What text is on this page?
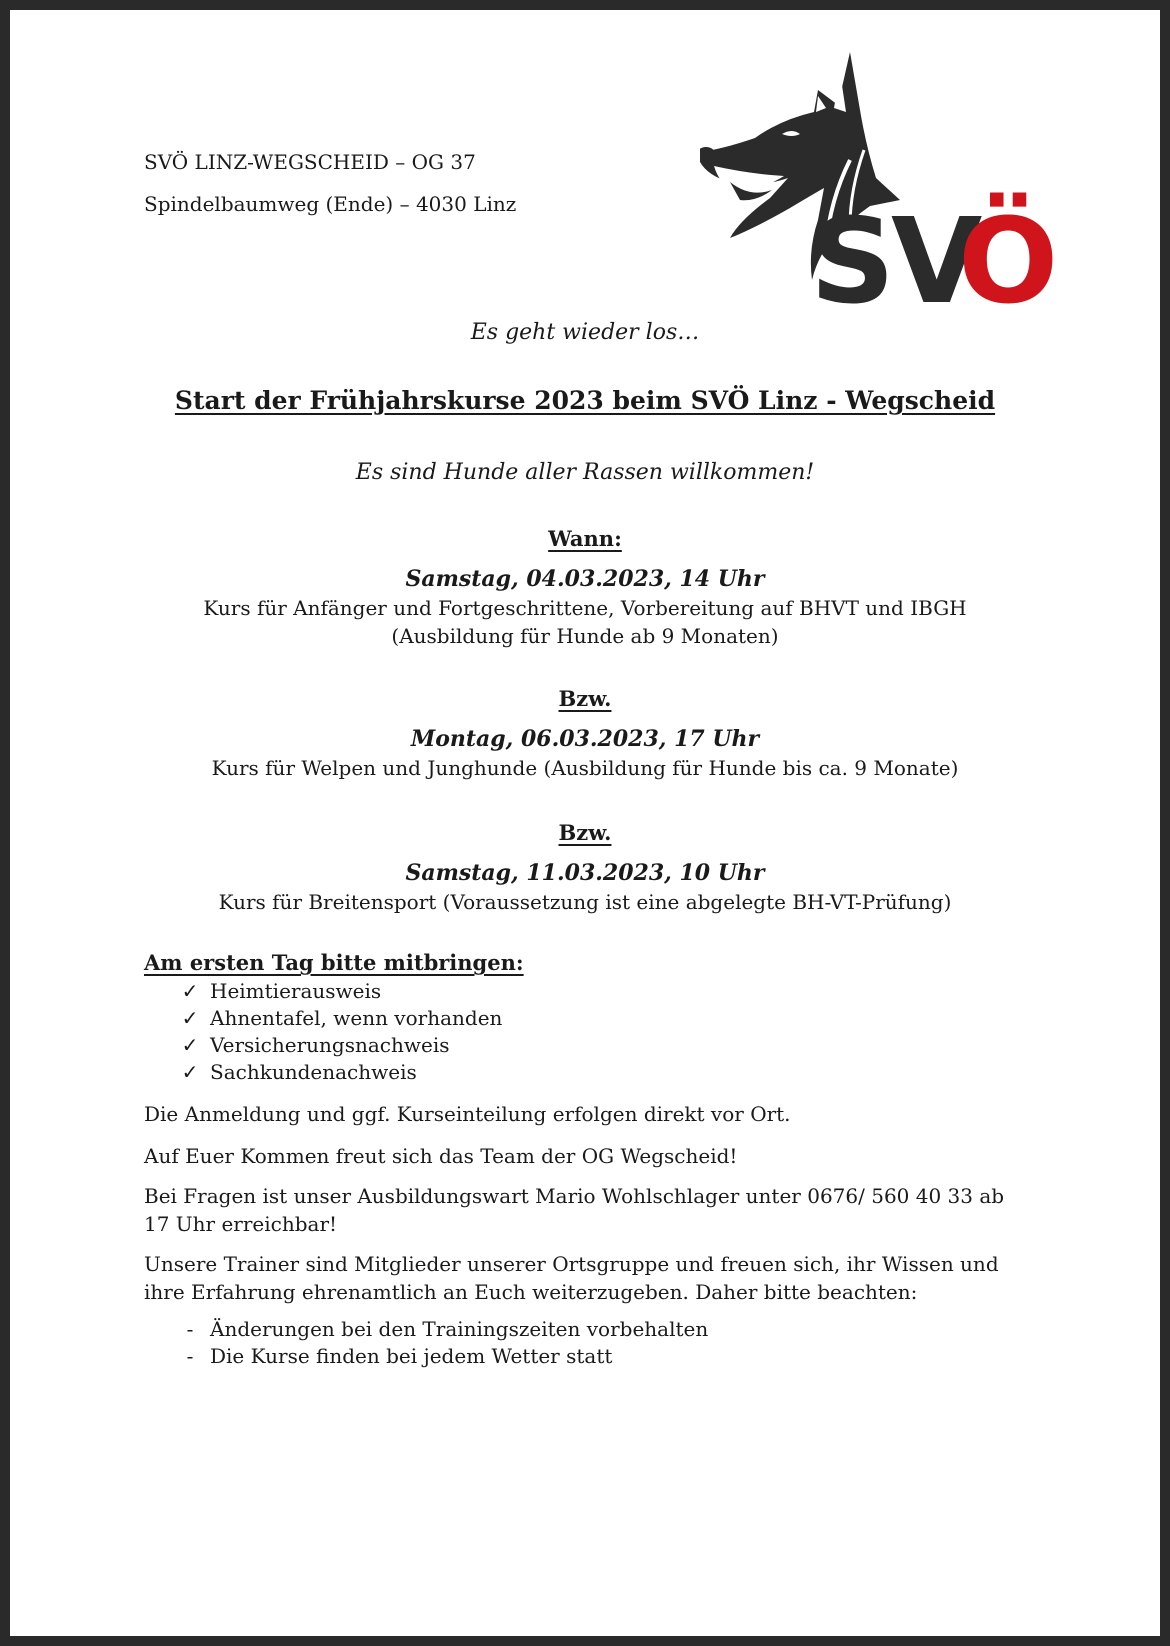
SVÖ LINZ-WEGSCHEID – OG 37
Spindelbaumweg (Ende) – 4030 Linz SV
Ö
Es geht wieder los…
Start der Frühjahrskurse 2023 beim SVÖ Linz - Wegscheid
Es sind Hunde aller Rassen willkommen!
Wann:
Samstag, 04.03.2023, 14 Uhr
Kurs für Anfänger und Fortgeschrittene, Vorbereitung auf BHVT und IBGH
(Ausbildung für Hunde ab 9 Monaten)
Bzw.
Montag, 06.03.2023, 17 Uhr
Kurs für Welpen und Junghunde (Ausbildung für Hunde bis ca. 9 Monate)
Bzw.
Samstag, 11.03.2023, 10 Uhr
Kurs für Breitensport (Voraussetzung ist eine abgelegte BH-VT-Prüfung)
Am ersten Tag bitte mitbringen:
✓ Heimtierausweis
✓ Ahnentafel, wenn vorhanden
✓ Versicherungsnachweis
✓ Sachkundenachweis
Die Anmeldung und ggf. Kurseinteilung erfolgen direkt vor Ort.
Auf Euer Kommen freut sich das Team der OG Wegscheid!
Bei Fragen ist unser Ausbildungswart Mario Wohlschlager unter 0676/ 560 40 33 ab 17 Uhr erreichbar!
Unsere Trainer sind Mitglieder unserer Ortsgruppe und freuen sich, ihr Wissen und ihre Erfahrung ehrenamtlich an Euch weiterzugeben. Daher bitte beachten:
- Änderungen bei den Trainingszeiten vorbehalten
- Die Kurse finden bei jedem Wetter statt
